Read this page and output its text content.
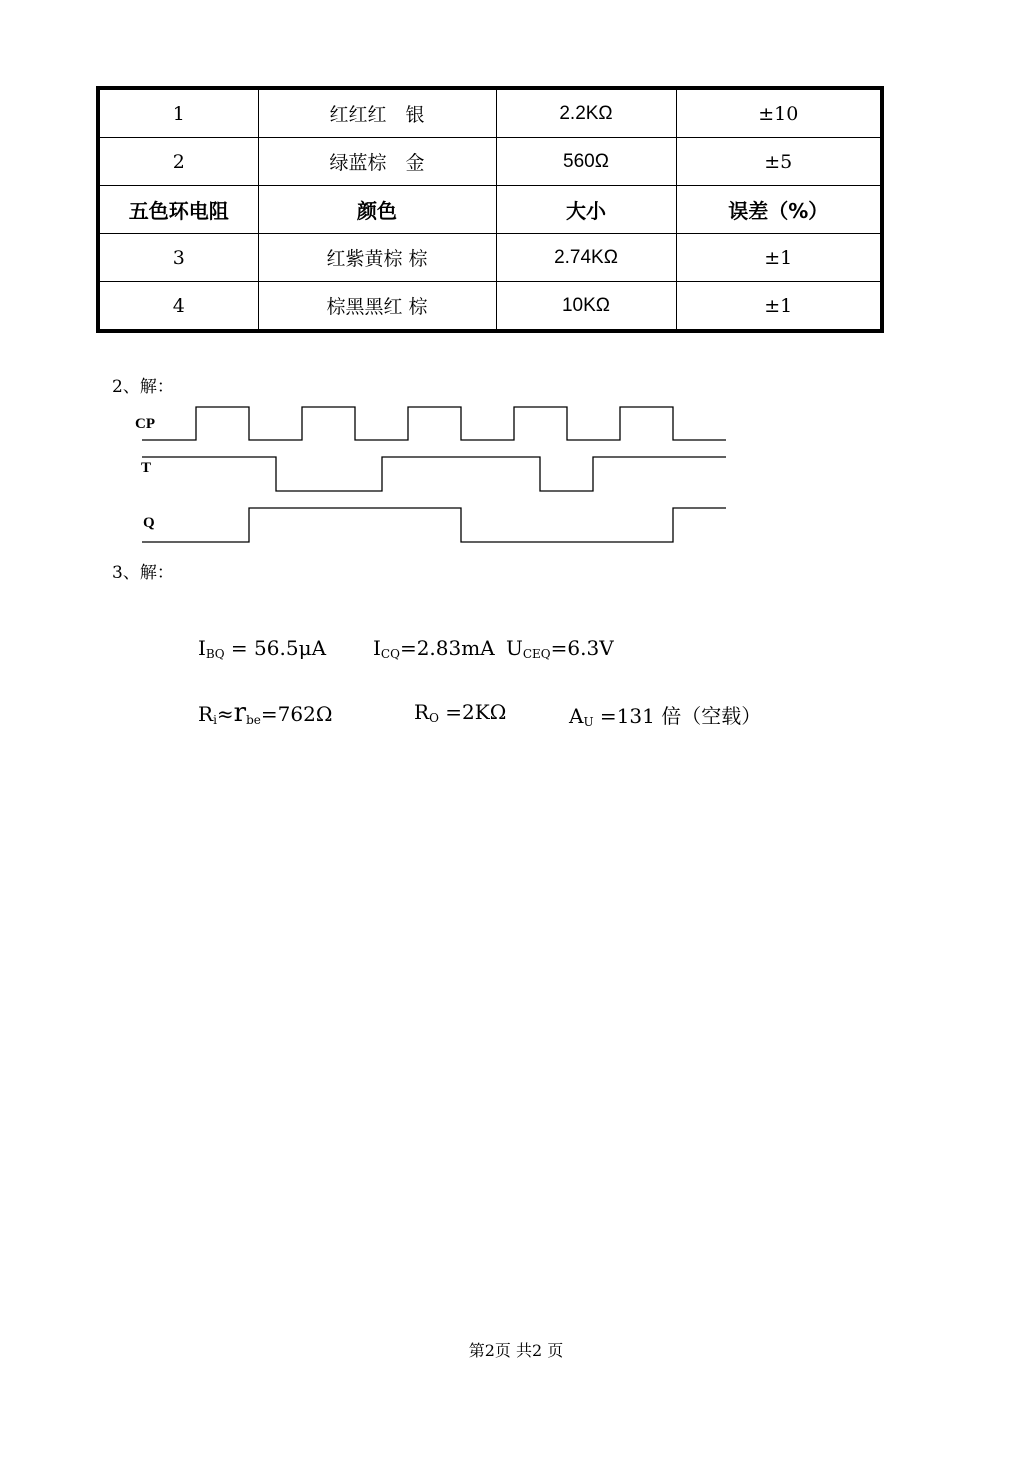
1	红红红　银	2.2KΩ	±10
2	绿蓝棕　金	560Ω	±5
五色环电阻	颜色	大小	误差（%）
3	红紫黄棕 棕	2.74KΩ	±1
4	棕黑黑红 棕	10KΩ	±1
2、解：
CP
T
Q
3、解：
$I_{BQ} = 56.5\mu A$ $I_{CQ}=2.83mA$ $U_{CEQ}=6.3V$
$R_i\approx r_{be}=762\Omega$	$R_O =2K\Omega$	$A_U =131$ 倍（空载）
第2页 共2 页
